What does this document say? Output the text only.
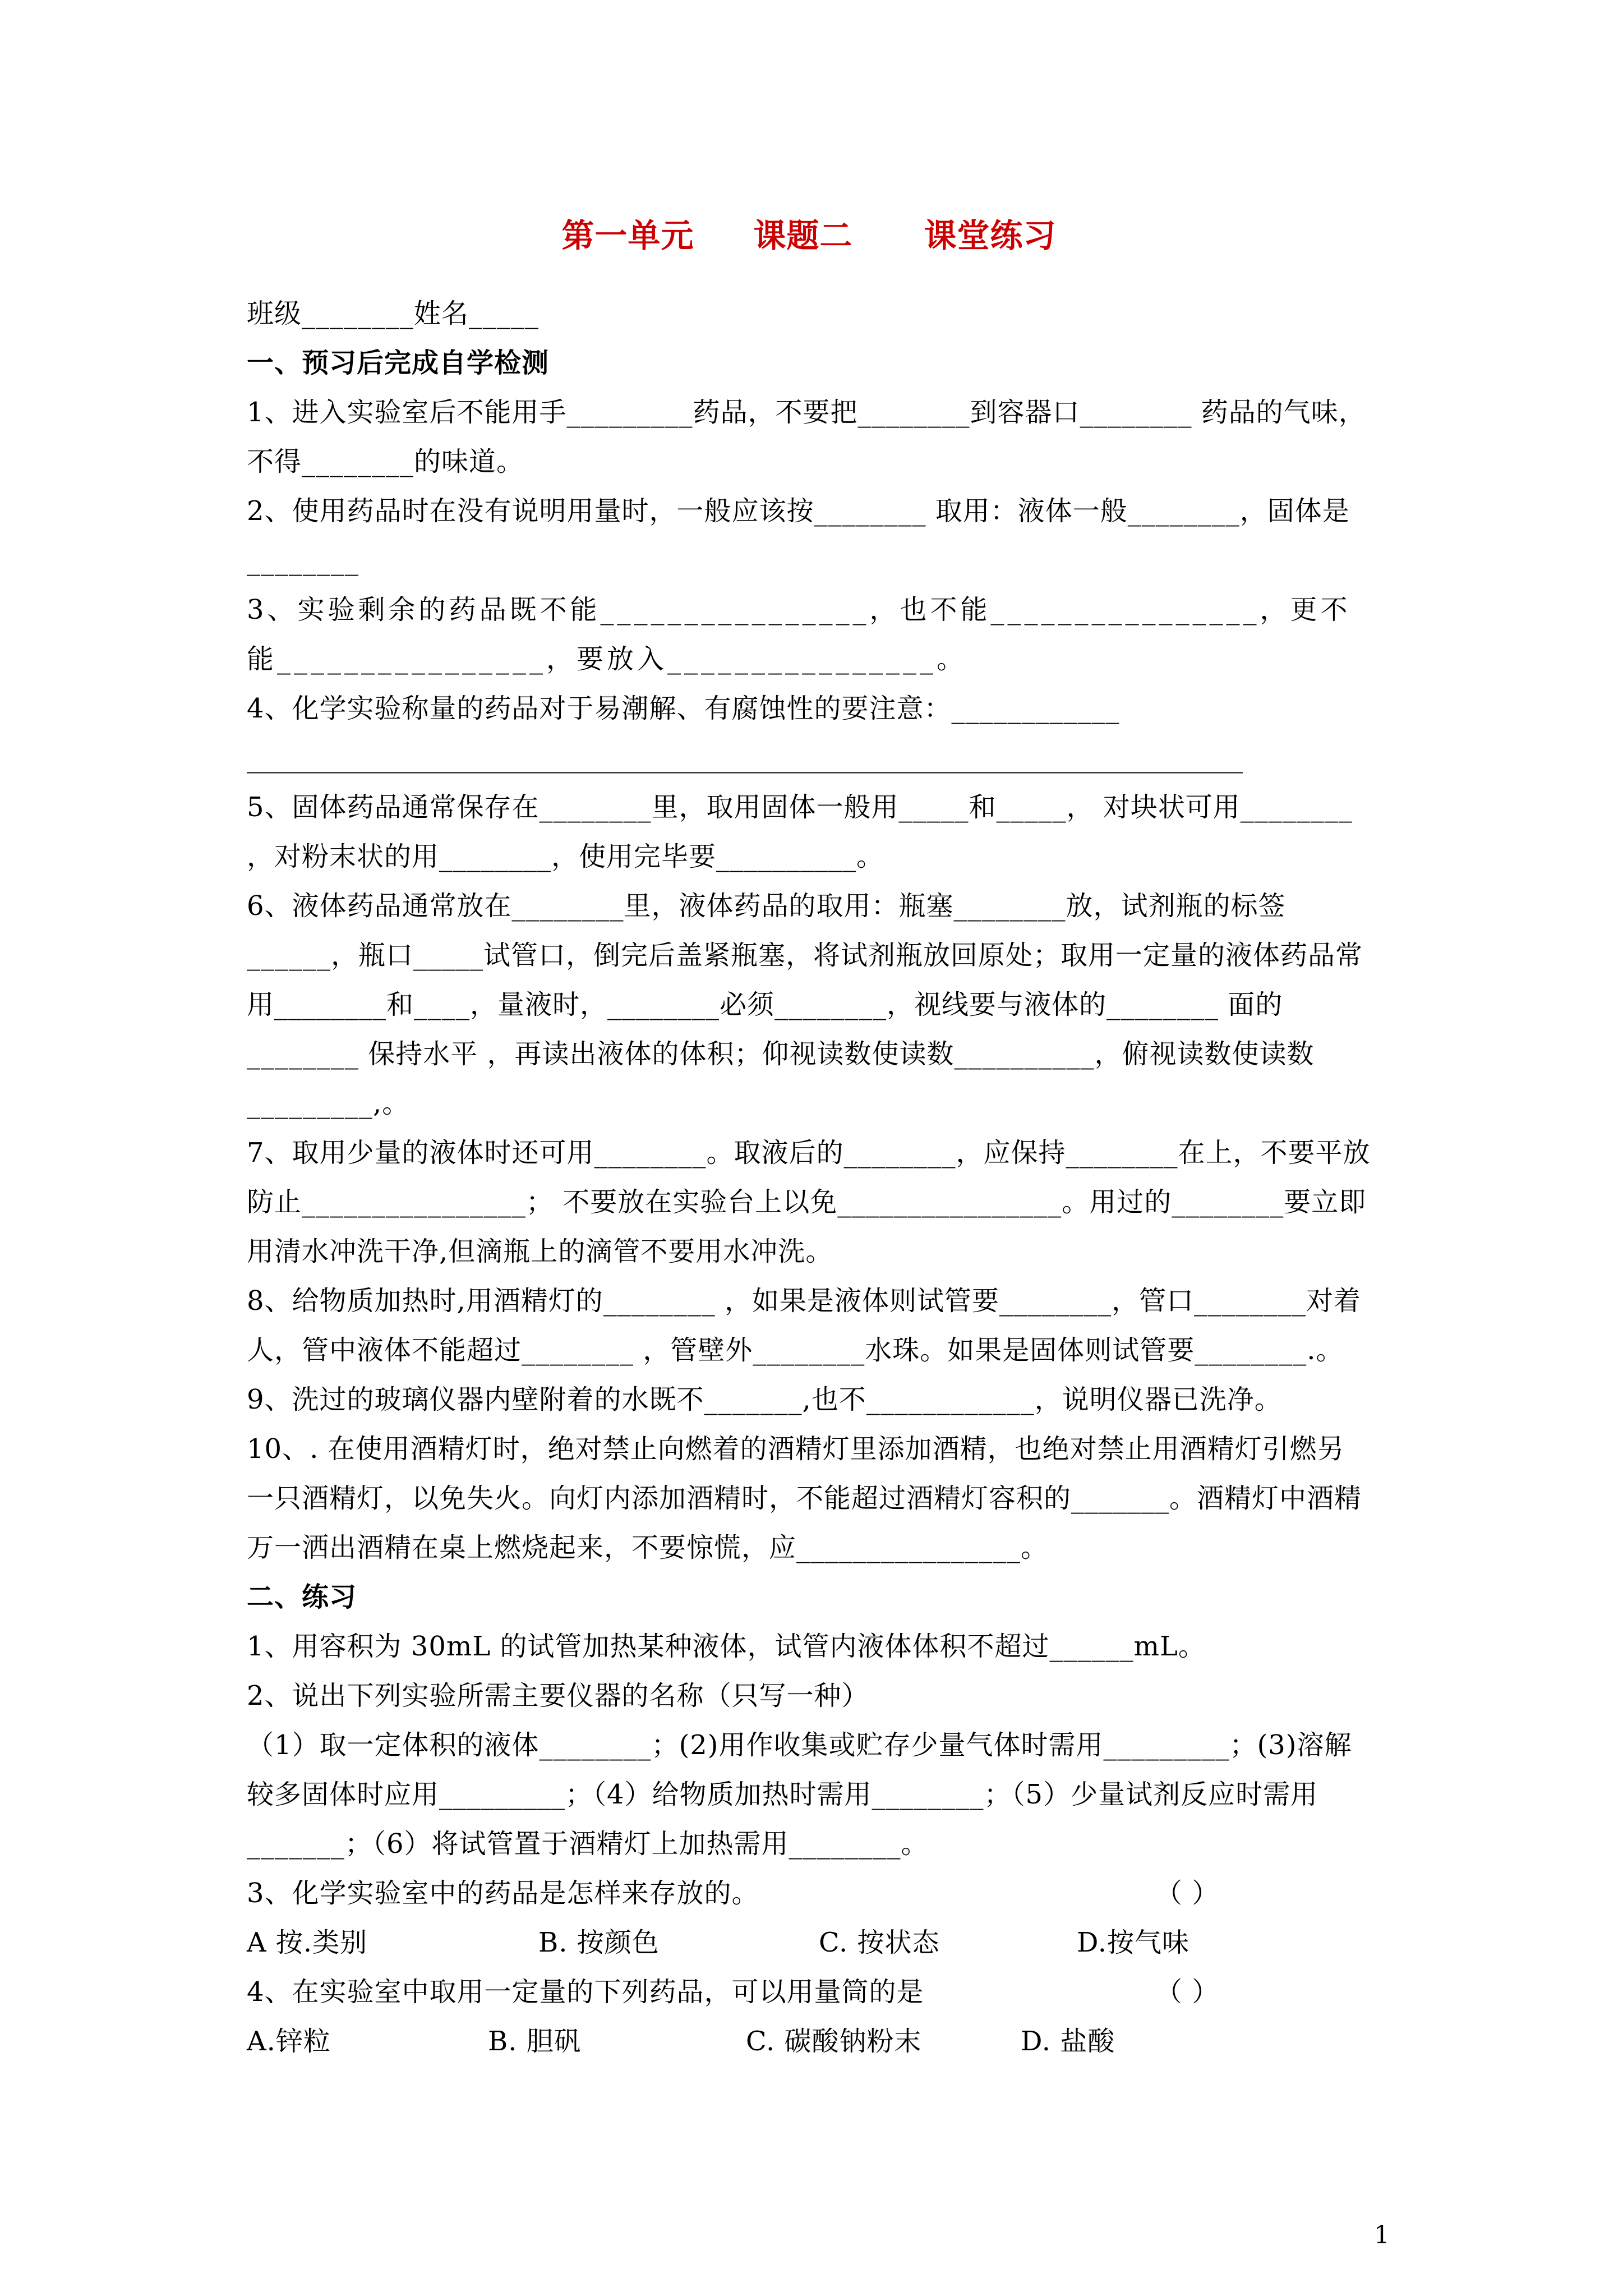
第一单元     课题二      课堂练习

班级________姓名_____

一、预习后完成自学检测

1、进入实验室后不能用手_________药品，不要把________到容器口________ 药品的气味，不得________的味道。

2、使用药品时在没有说明用量时，一般应该按________ 取用：液体一般________，固体是________

3、实验剩余的药品既不能________________，也不能________________，更不能________________，要放入________________。

4、化学实验称量的药品对于易潮解、有腐蚀性的要注意：____________

__________________________________________________________________________

5、固体药品通常保存在________里，取用固体一般用_____和_____， 对块状可用________ ，对粉末状的用________，使用完毕要__________。

6、液体药品通常放在________里，液体药品的取用：瓶塞________放，试剂瓶的标签______，瓶口_____试管口，倒完后盖紧瓶塞，将试剂瓶放回原处；取用一定量的液体药品常用________和____，量液时，________必须________，视线要与液体的________ 面的________ 保持水平 ，再读出液体的体积；仰视读数使读数__________，俯视读数使读数_________,。

7、取用少量的液体时还可用________。取液后的________，应保持________在上，不要平放防止________________； 不要放在实验台上以免________________。用过的________要立即用清水冲洗干净,但滴瓶上的滴管不要用水冲洗。

8、给物质加热时,用酒精灯的________ ，如果是液体则试管要________，管口________对着人，管中液体不能超过________ ，管壁外________水珠。如果是固体则试管要________.。

9、洗过的玻璃仪器内壁附着的水既不_______,也不____________，说明仪器已洗净。

10、. 在使用酒精灯时，绝对禁止向燃着的酒精灯里添加酒精，也绝对禁止用酒精灯引燃另一只酒精灯，以免失火。向灯内添加酒精时，不能超过酒精灯容积的_______。酒精灯中酒精万一洒出酒精在桌上燃烧起来，不要惊慌，应________________。

二、练习

1、用容积为 30mL 的试管加热某种液体，试管内液体体积不超过______mL。

2、说出下列实验所需主要仪器的名称（只写一种）

（1）取一定体积的液体________；(2)用作收集或贮存少量气体时需用_________；(3)溶解较多固体时应用_________；（4）给物质加热时需用________；（5）少量试剂反应时需用_______；（6）将试管置于酒精灯上加热需用________。

3、化学实验室中的药品是怎样来存放的。	（ ）

A 按.类别	B. 按颜色	C. 按状态	D.按气味

4、在实验室中取用一定量的下列药品，可以用量筒的是	（ ）

A.锌粒	B. 胆矾	C. 碳酸钠粉末	D. 盐酸

1
